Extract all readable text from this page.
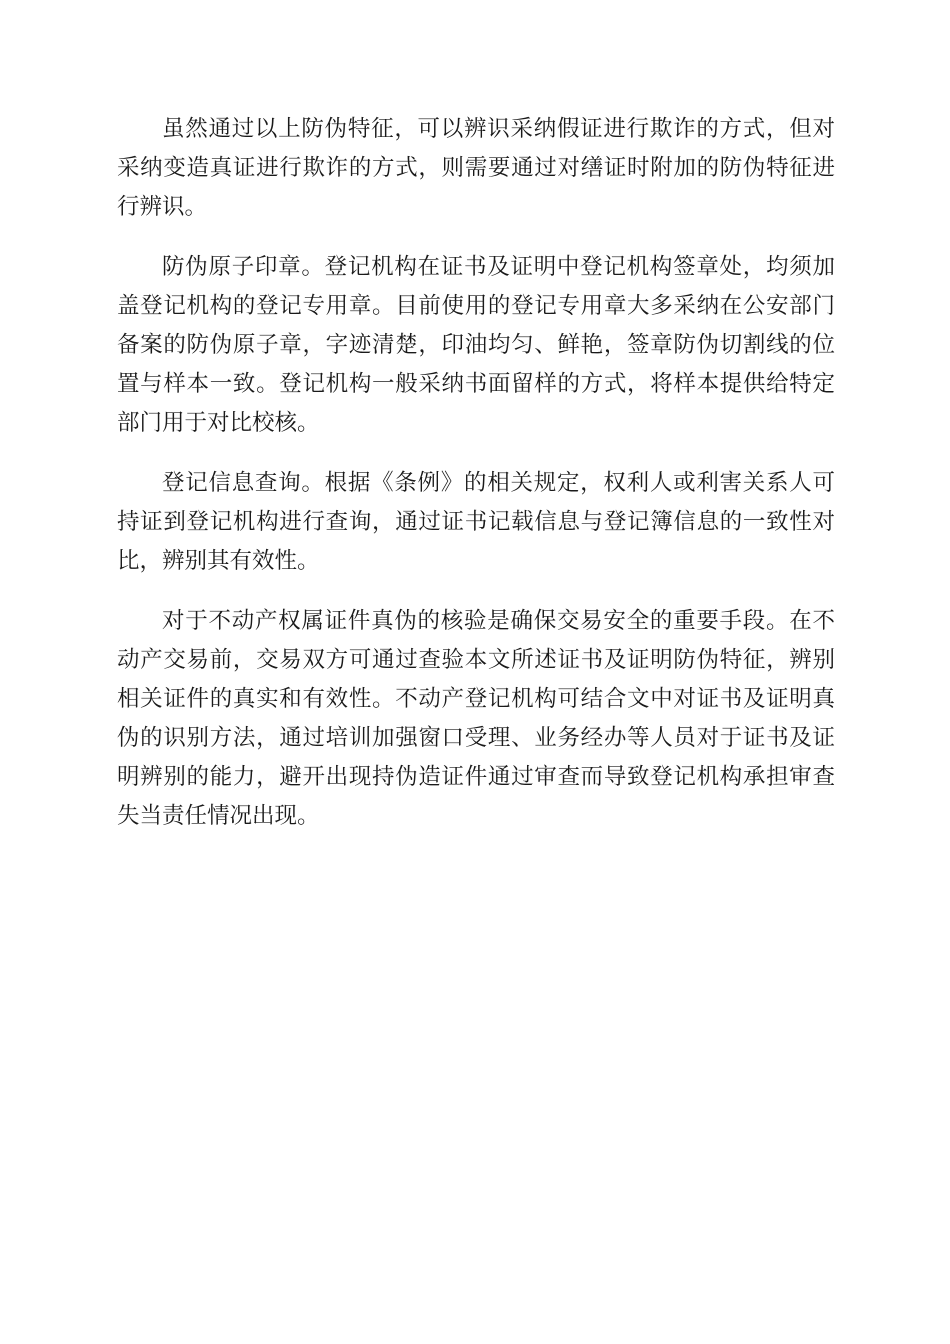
虽然通过以上防伪特征，可以辨识采纳假证进行欺诈的方式，但对采纳变造真证进行欺诈的方式，则需要通过对缮证时附加的防伪特征进行辨识。

防伪原子印章。登记机构在证书及证明中登记机构签章处，均须加盖登记机构的登记专用章。目前使用的登记专用章大多采纳在公安部门备案的防伪原子章，字迹清楚，印油均匀、鲜艳，签章防伪切割线的位置与样本一致。登记机构一般采纳书面留样的方式，将样本提供给特定部门用于对比校核。

登记信息查询。根据《条例》的相关规定，权利人或利害关系人可持证到登记机构进行查询，通过证书记载信息与登记簿信息的一致性对比，辨别其有效性。

对于不动产权属证件真伪的核验是确保交易安全的重要手段。在不动产交易前，交易双方可通过查验本文所述证书及证明防伪特征，辨别相关证件的真实和有效性。不动产登记机构可结合文中对证书及证明真伪的识别方法，通过培训加强窗口受理、业务经办等人员对于证书及证明辨别的能力，避开出现持伪造证件通过审查而导致登记机构承担审查失当责任情况出现。
